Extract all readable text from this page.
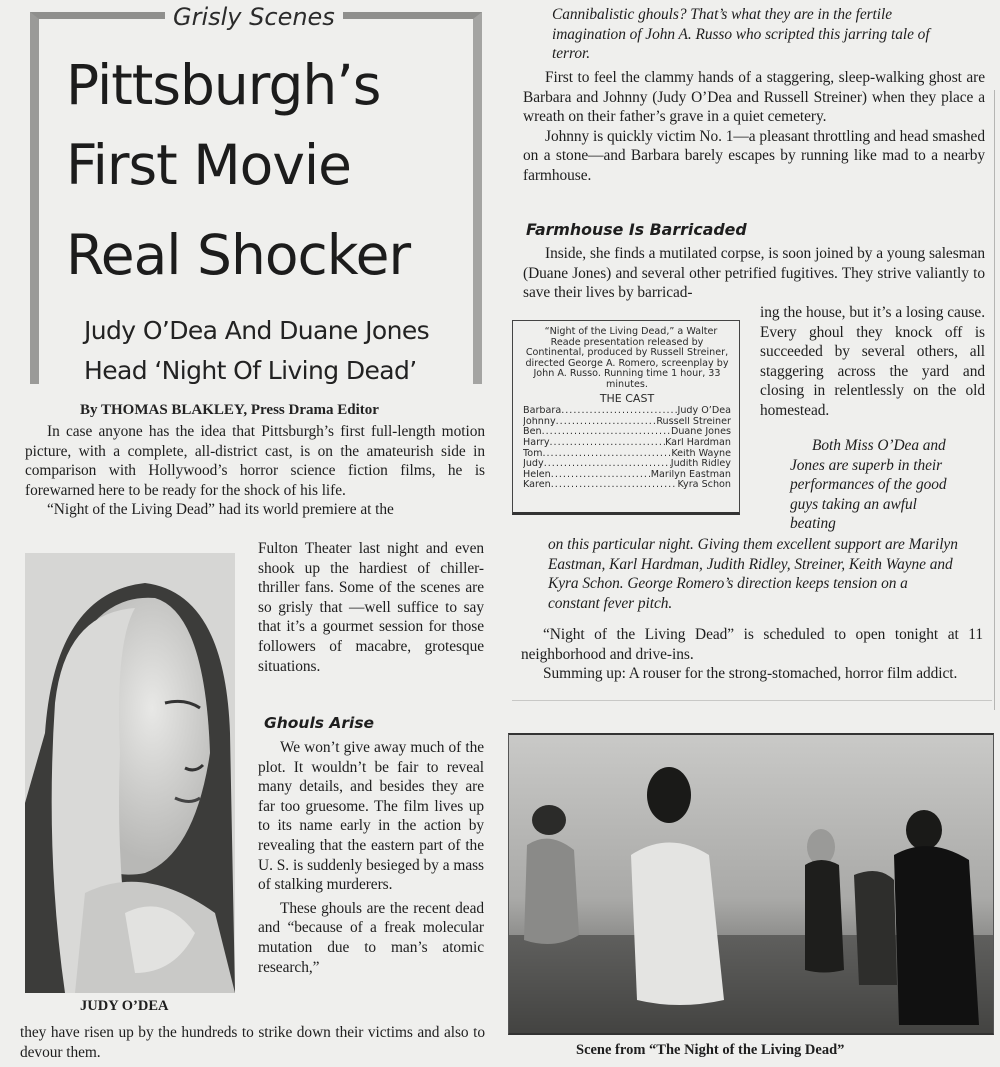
Grisly Scenes
Pittsburgh’s
First Movie
Real Shocker
Judy O’Dea And Duane Jones
Head ‘Night Of Living Dead’
By THOMAS BLAKLEY, Press Drama Editor

In case anyone has the idea that Pittsburgh’s first full-length motion picture, with a complete, all-district cast, is on the amateurish side in comparison with Hollywood’s horror science fiction films, he is forewarned here to be ready for the shock of his life.

“Night of the Living Dead” had its world premiere at the

JUDY O’DEA

Fulton Theater last night and even shook up the hardiest of chiller-thriller fans. Some of the scenes are so grisly that —well suffice to say that it’s a gourmet session for those followers of macabre, grotesque situations.

Ghouls Arise

We won’t give away much of the plot. It wouldn’t be fair to reveal many details, and besides they are far too gruesome. The film lives up to its name early in the action by revealing that the eastern part of the U. S. is suddenly besieged by a mass of stalking murderers.

These ghouls are the recent dead and “because of a freak molecular mutation due to man’s atomic research,”

they have risen up by the hundreds to strike down their victims and also to devour them.

Cannibalistic ghouls? That’s what they are in the fertile imagination of John A. Russo who scripted this jarring tale of terror.

First to feel the clammy hands of a staggering, sleep-walking ghost are Barbara and Johnny (Judy O’Dea and Russell Streiner) when they place a wreath on their father’s grave in a quiet cemetery.

Johnny is quickly victim No. 1—a pleasant throttling and head smashed on a stone—and Barbara barely escapes by running like mad to a nearby farmhouse.

Farmhouse Is Barricaded

Inside, she finds a mutilated corpse, is soon joined by a young salesman (Duane Jones) and several other petrified fugitives. They strive valiantly to save their lives by barricad-

“Night of the Living Dead,” a Walter Reade presentation released by Continental, produced by Russell Streiner, directed George A. Romero, screenplay by John A. Russo. Running time 1 hour, 33 minutes.
THE CAST
Barbara .....	Judy O’Dea
Johnny .....	Russell Streiner
Ben .....	Duane Jones
Harry .....	Karl Hardman
Tom .....	Keith Wayne
Judy .....	Judith Ridley
Helen .....	Marilyn Eastman
Karen .....	Kyra Schon

ing the house, but it’s a losing cause. Every ghoul they knock off is succeeded by several others, all staggering across the yard and closing in relentlessly on the old homestead.

Both Miss O’Dea and Jones are superb in their performances of the good guys taking an awful beating

on this particular night. Giving them excellent support are Marilyn Eastman, Karl Hardman, Judith Ridley, Streiner, Keith Wayne and Kyra Schon. George Romero’s direction keeps tension on a constant fever pitch.

“Night of the Living Dead” is scheduled to open tonight at 11 neighborhood and drive-ins.

Summing up: A rouser for the strong-stomached, horror film addict.

Scene from “The Night of the Living Dead”
